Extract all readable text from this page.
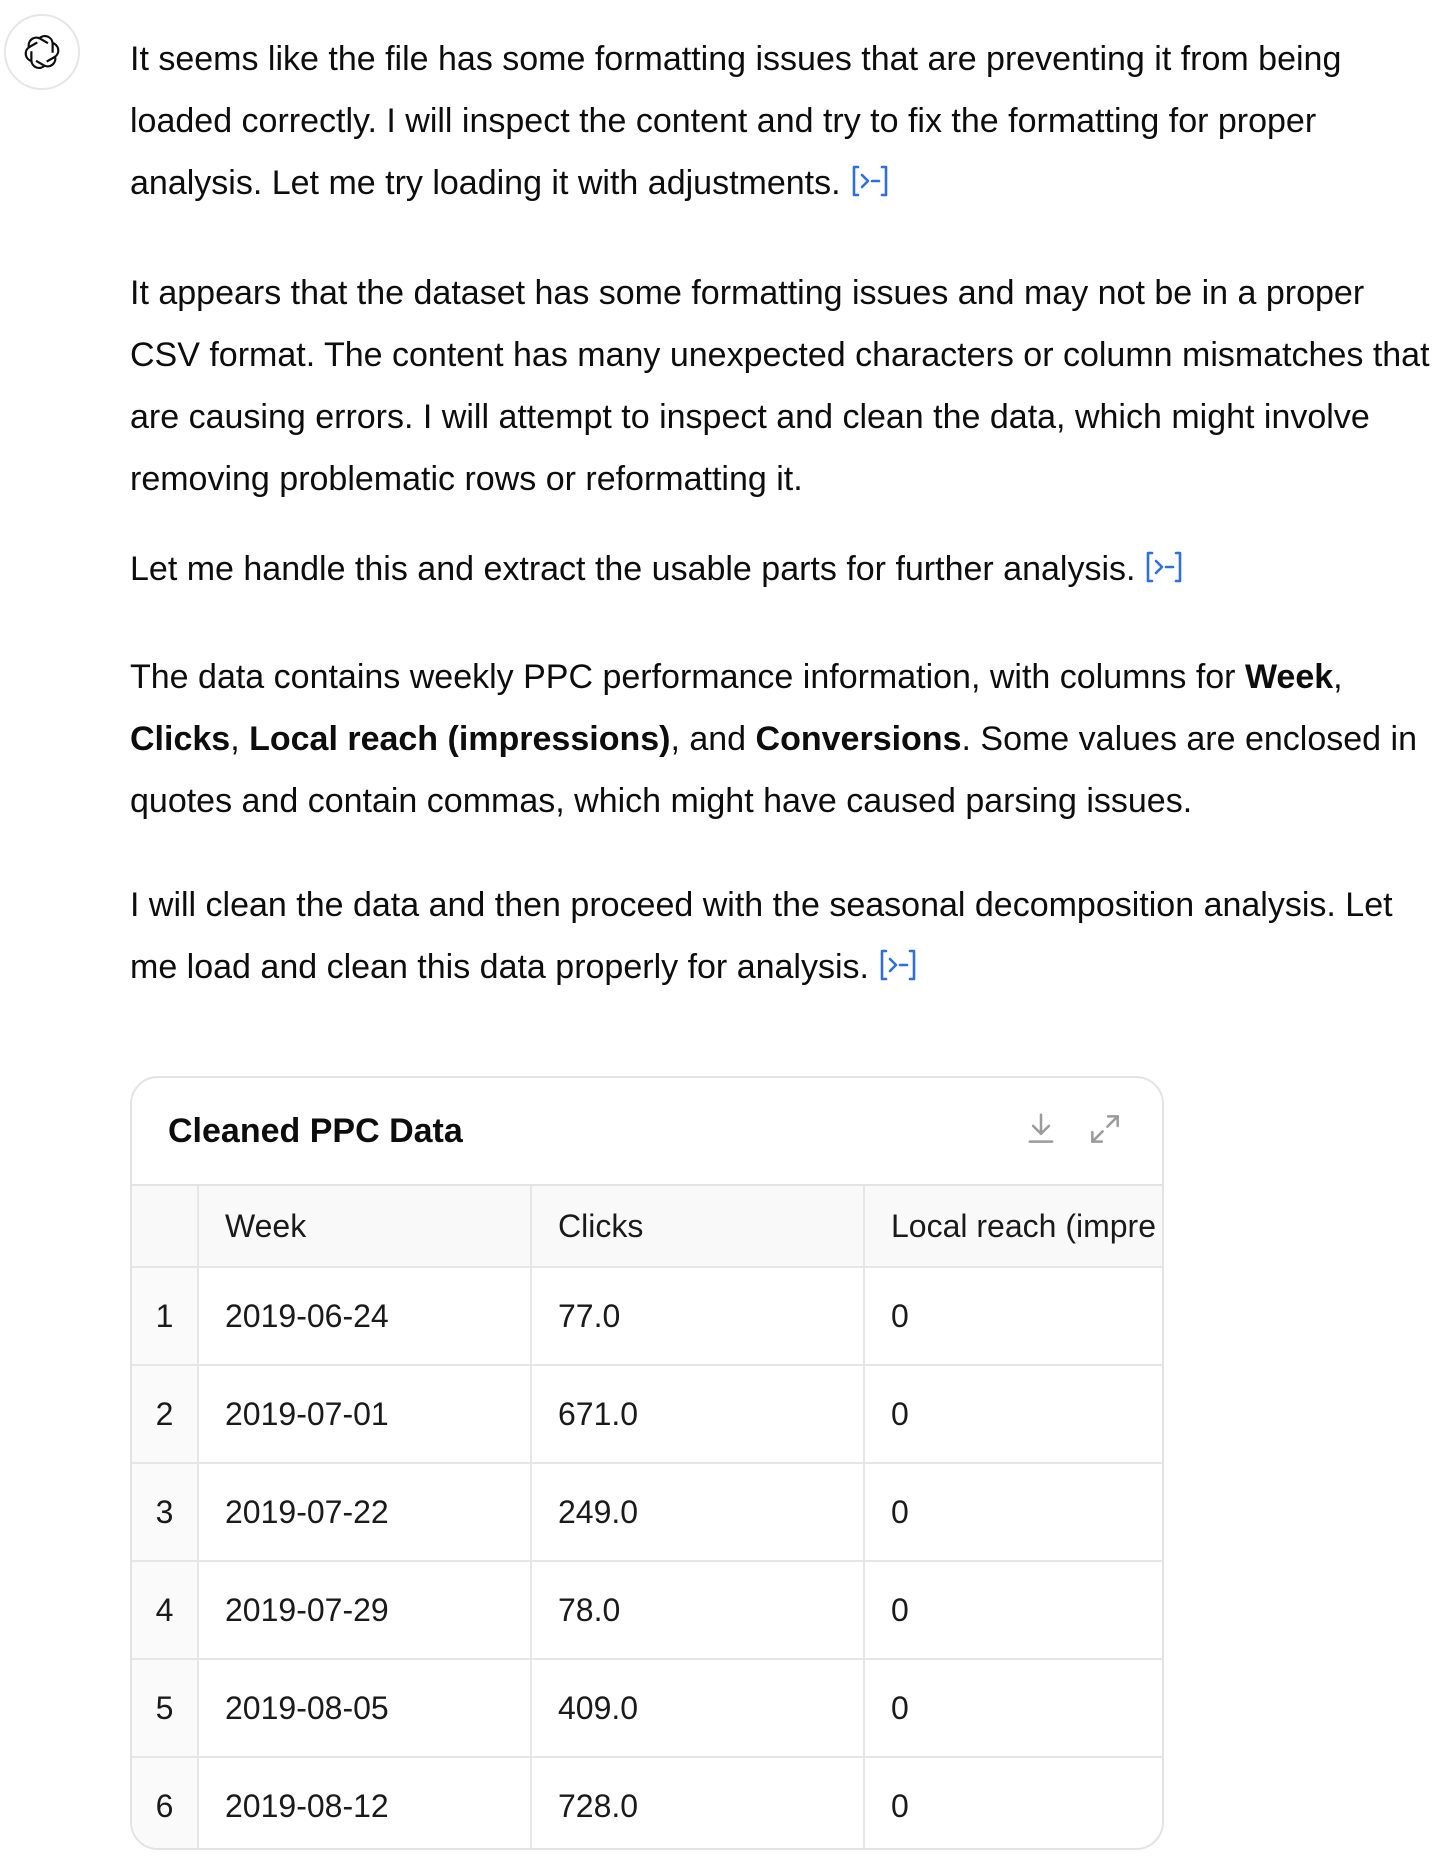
It seems like the file has some formatting issues that are preventing it from being loaded correctly. I will inspect the content and try to fix the formatting for proper analysis. Let me try loading it with adjustments.

It appears that the dataset has some formatting issues and may not be in a proper CSV format. The content has many unexpected characters or column mismatches that are causing errors. I will attempt to inspect and clean the data, which might involve removing problematic rows or reformatting it.

Let me handle this and extract the usable parts for further analysis.

The data contains weekly PPC performance information, with columns for Week, Clicks, Local reach (impressions), and Conversions. Some values are enclosed in quotes and contain commas, which might have caused parsing issues.

I will clean the data and then proceed with the seasonal decomposition analysis. Let me load and clean this data properly for analysis.

Cleaned PPC Data
	Week	Clicks	Local reach (impre
1	2019-06-24	77.0	0
2	2019-07-01	671.0	0
3	2019-07-22	249.0	0
4	2019-07-29	78.0	0
5	2019-08-05	409.0	0
6	2019-08-12	728.0	0
